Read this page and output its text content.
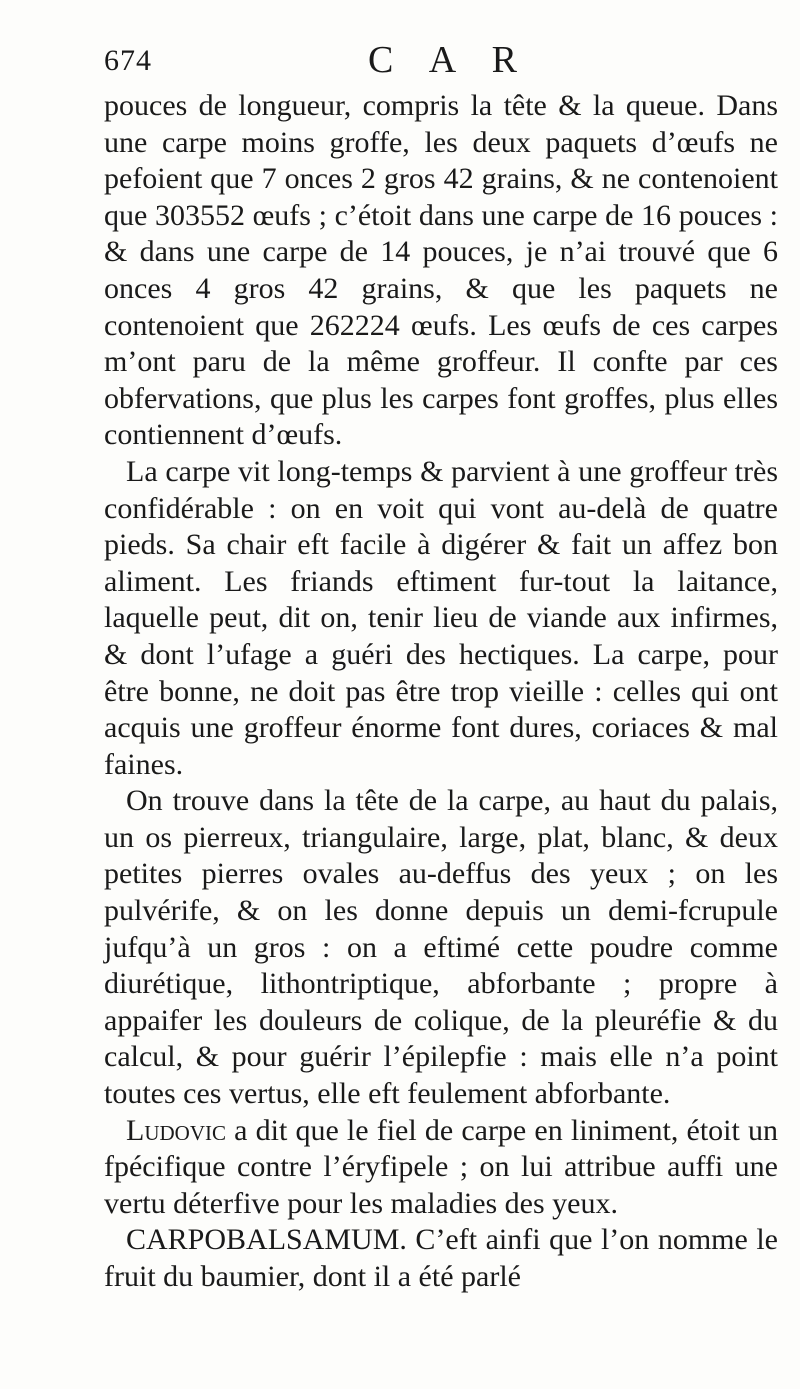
674	C A R

pouces de longueur, compris la tête & la queue. Dans une carpe moins groffe, les deux paquets d’œufs ne pefoient que 7 onces 2 gros 42 grains, & ne contenoient que 303552 œufs ; c’étoit dans une carpe de 16 pouces : & dans une carpe de 14 pouces, je n’ai trouvé que 6 onces 4 gros 42 grains, & que les paquets ne contenoient que 262224 œufs. Les œufs de ces carpes m’ont paru de la même groffeur. Il confte par ces obfervations, que plus les carpes font groffes, plus elles contiennent d’œufs.

La carpe vit long-temps & parvient à une groffeur très confidérable : on en voit qui vont au-delà de quatre pieds. Sa chair eft facile à digérer & fait un affez bon aliment. Les friands eftiment fur-tout la laitance, laquelle peut, dit on, tenir lieu de viande aux infirmes, & dont l’ufage a guéri des hectiques. La carpe, pour être bonne, ne doit pas être trop vieille : celles qui ont acquis une groffeur énorme font dures, coriaces & mal faines.

On trouve dans la tête de la carpe, au haut du palais, un os pierreux, triangulaire, large, plat, blanc, & deux petites pierres ovales au-deffus des yeux ; on les pulvérife, & on les donne depuis un demi-fcrupule jufqu’à un gros : on a eftimé cette poudre comme diurétique, lithontriptique, abforbante ; propre à appaifer les douleurs de colique, de la pleuréfie & du calcul, & pour guérir l’épilepfie : mais elle n’a point toutes ces vertus, elle eft feulement abforbante.

Ludovic a dit que le fiel de carpe en liniment, étoit un fpécifique contre l’éryfipele ; on lui attribue auffi une vertu déterfive pour les maladies des yeux.

CARPOBALSAMUM. C’eft ainfi que l’on nomme le fruit du baumier, dont il a été parlé
